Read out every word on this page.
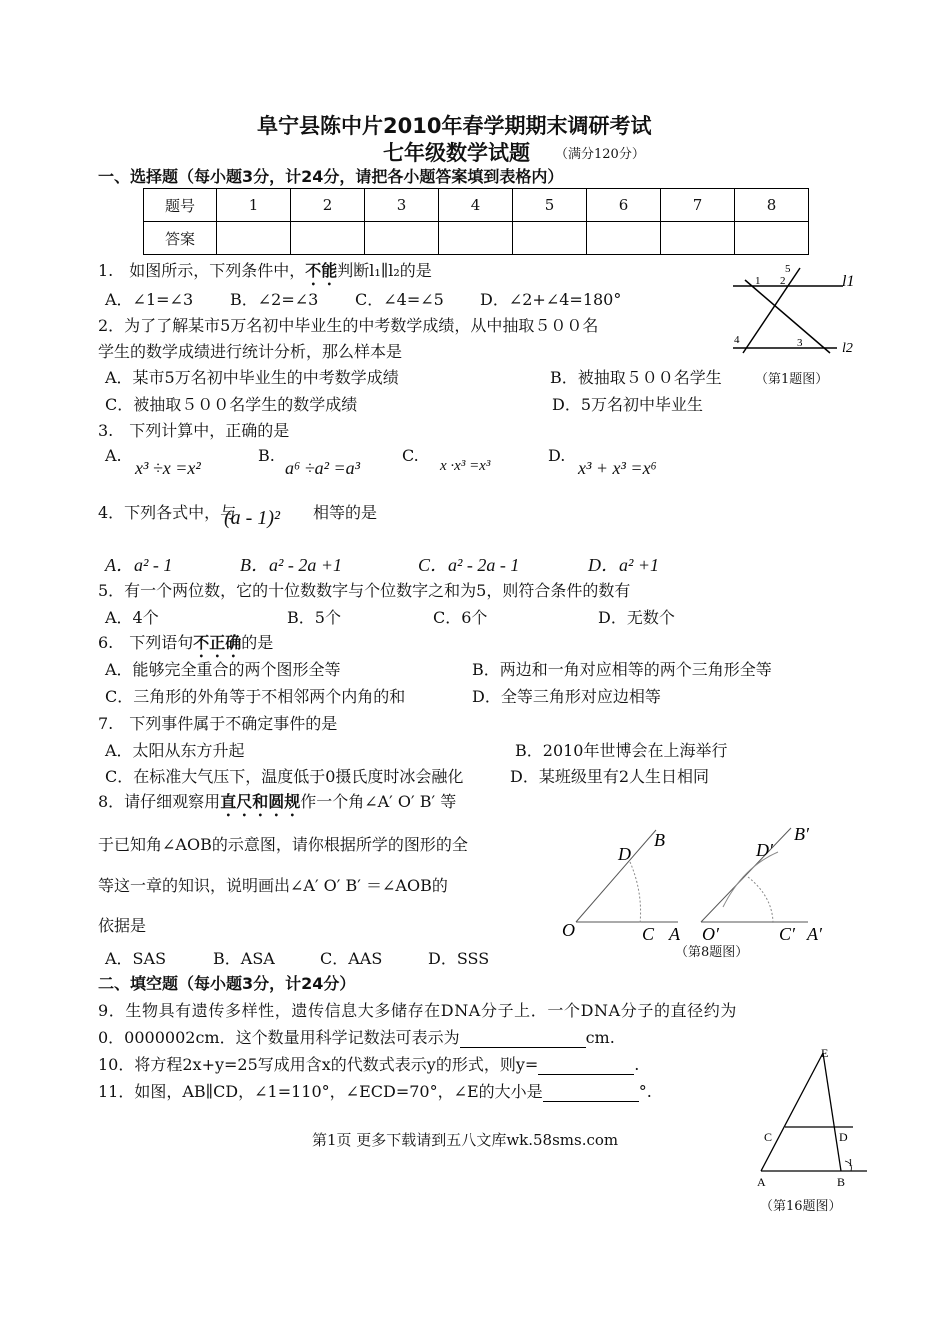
阜宁县陈中片2010年春学期期末调研考试
七年级数学试题 （满分120分）
一、选择题（每小题3分，计24分，请把各小题答案填到表格内）
题号	1	2	3	4	5	6	7	8
答案								
1.　如图所示，下列条件中，不能判断l₁∥l₂的是
A．∠1=∠3 B．∠2=∠3 C．∠4=∠5 D．∠2+∠4=180°
l1
l2
1 2
3
4
5
2．为了了解某市5万名初中毕业生的中考数学成绩，从中抽取５００名
学生的数学成绩进行统计分析，那么样本是
A．某市5万名初中毕业生的中考数学成绩	B．被抽取５００名学生	（第1题图）
C．被抽取５００名学生的数学成绩	D．5万名初中毕业生
3.　下列计算中，正确的是
A.
x³ ÷x =x²
B.
a⁶ ÷a² =a³
C.
x ·x³ =x³
D.
x³ + x³ =x⁶
4．下列各式中，与
(a - 1)² 相等的是
A．a² - 1	B．a² - 2a +1	C．a² - 2a - 1	D．a² +1
5．有一个两位数，它的十位数数字与个位数字之和为5，则符合条件的数有
A．4个	B．5个	C．6个	D．无数个
6.　下列语句不正确的是
A．能够完全重合的两个图形全等	B．两边和一角对应相等的两个三角形全等
C．三角形的外角等于不相邻两个内角的和	D．全等三角形对应边相等
7.　下列事件属于不确定事件的是
A．太阳从东方升起	B．2010年世博会在上海举行
C．在标准大气压下，温度低于0摄氏度时冰会融化	D．某班级里有2人生日相同
8．请仔细观察用直尺和圆规作一个角∠A′ O′ B′ 等
于已知角∠AOB的示意图，请你根据所学的图形的全
等这一章的知识，说明画出∠A′ O′ B′ ＝∠AOB的
依据是
A．SAS	B．ASA	C．AAS	D．SSS
D
B
O	C A
D′
B′
O′	C′ A′
（第8题图）
二、填空题（每小题3分，计24分）
9．生物具有遗传多样性，遗传信息大多储存在DNA分子上．一个DNA分子的直径约为
0．0000002cm．这个数量用科学记数法可表示为	cm.
10．将方程2x+y=25写成用含x的代数式表示y的形式，则y=	.
11．如图，AB∥CD，∠1=110°，∠ECD=70°，∠E的大小是	°.
E
C	D
A	B
1
（第16题图）
第1页 更多下载请到五八文库wk.58sms.com
